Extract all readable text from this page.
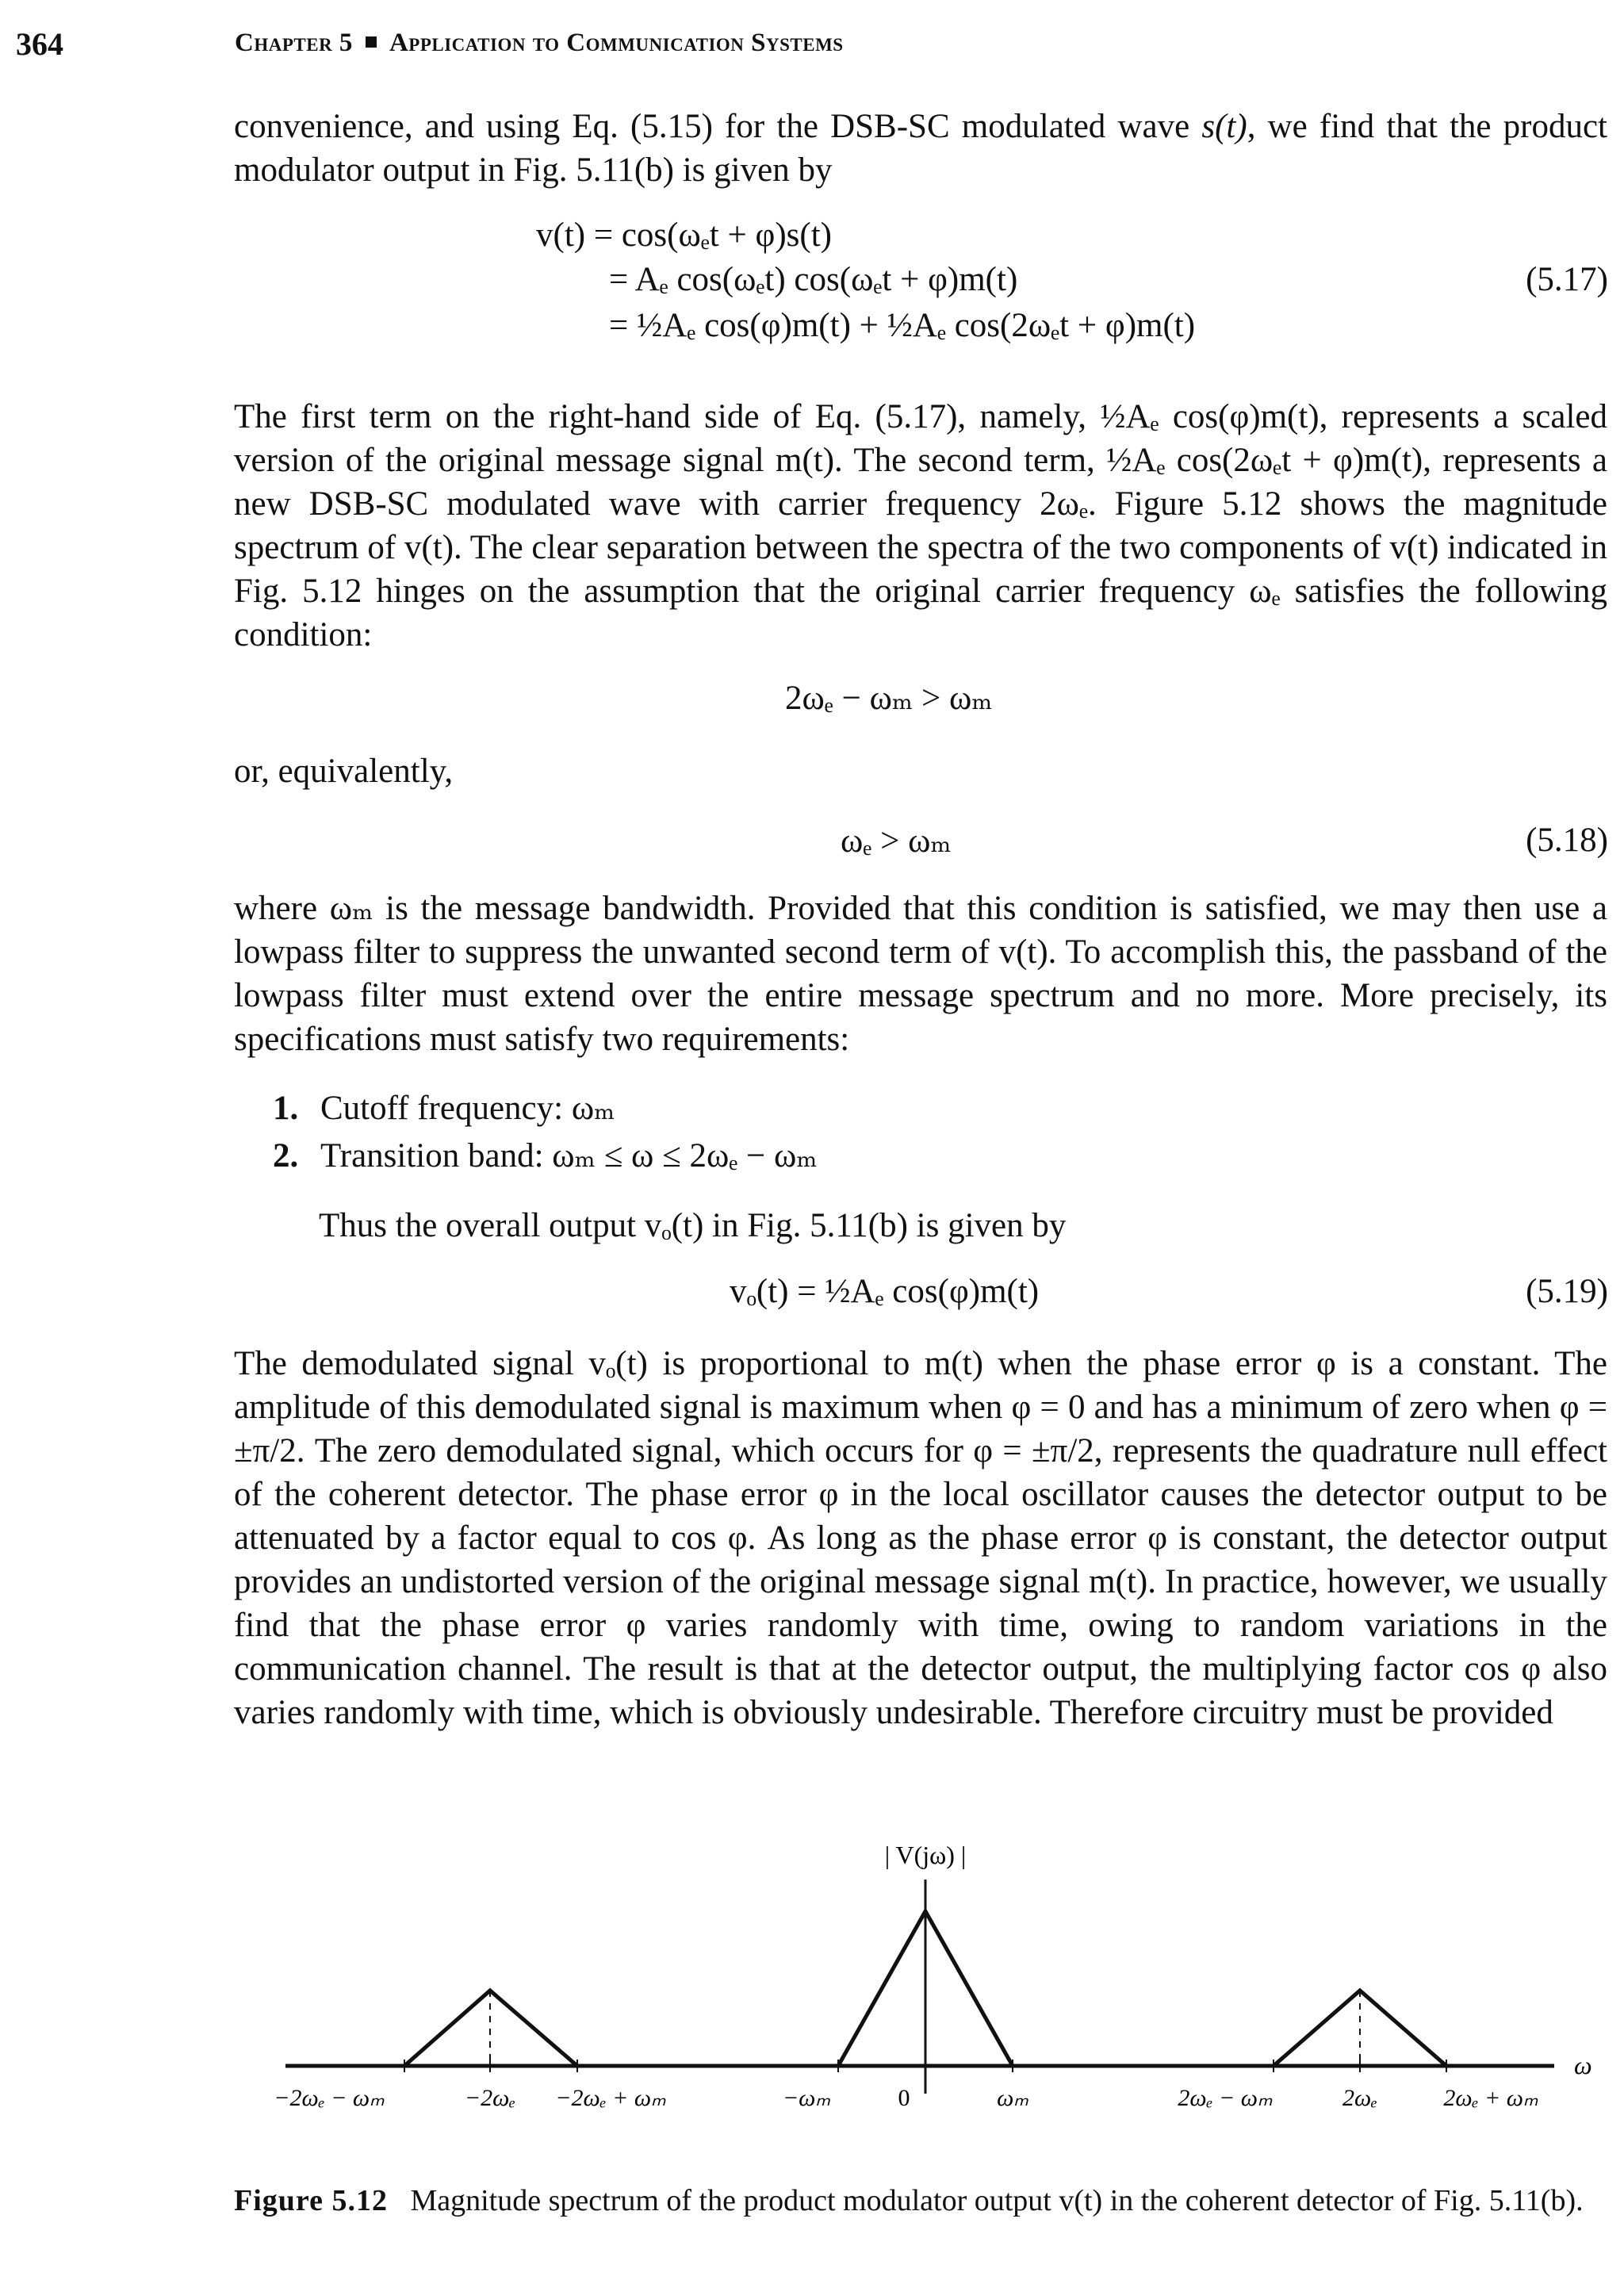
364	Chapter 5 Application to Communication Systems

convenience, and using Eq. (5.15) for the DSB-SC modulated wave s(t), we find that the product modulator output in Fig. 5.11(b) is given by

v(t) = cos(ωₑt + φ)s(t)
= Aₑ cos(ωₑt) cos(ωₑt + φ)m(t)	(5.17)
= ½Aₑ cos(φ)m(t) + ½Aₑ cos(2ωₑt + φ)m(t)

The first term on the right-hand side of Eq. (5.17), namely, ½Aₑ cos(φ)m(t), represents a scaled version of the original message signal m(t). The second term, ½Aₑ cos(2ωₑt + φ)m(t), represents a new DSB-SC modulated wave with carrier frequency 2ωₑ. Figure 5.12 shows the magnitude spectrum of v(t). The clear separation between the spectra of the two components of v(t) indicated in Fig. 5.12 hinges on the assumption that the original carrier frequency ωₑ satisfies the following condition:

2ωₑ − ωₘ > ωₘ

or, equivalently,

ωₑ > ωₘ	(5.18)

where ωₘ is the message bandwidth. Provided that this condition is satisfied, we may then use a lowpass filter to suppress the unwanted second term of v(t). To accomplish this, the passband of the lowpass filter must extend over the entire message spectrum and no more. More precisely, its specifications must satisfy two requirements:

1. Cutoff frequency: ωₘ
2. Transition band: ωₘ ≤ ω ≤ 2ωₑ − ωₘ

Thus the overall output vₒ(t) in Fig. 5.11(b) is given by

vₒ(t) = ½Aₑ cos(φ)m(t)	(5.19)

The demodulated signal vₒ(t) is proportional to m(t) when the phase error φ is a constant. The amplitude of this demodulated signal is maximum when φ = 0 and has a minimum of zero when φ = ±π/2. The zero demodulated signal, which occurs for φ = ±π/2, represents the quadrature null effect of the coherent detector. The phase error φ in the local oscillator causes the detector output to be attenuated by a factor equal to cos φ. As long as the phase error φ is constant, the detector output provides an undistorted version of the original message signal m(t). In practice, however, we usually find that the phase error φ varies randomly with time, owing to random variations in the communication channel. The result is that at the detector output, the multiplying factor cos φ also varies randomly with time, which is obviously undesirable. Therefore circuitry must be provided

| V(jω) |
ω
−2ωₑ − ωₘ	−2ωₑ −2ωₑ + ωₘ	−ωₘ	0	ωₘ	2ωₑ − ωₘ	2ωₑ	2ωₑ + ωₘ
Figure 5.12 Magnitude spectrum of the product modulator output v(t) in the coherent detector of Fig. 5.11(b).
